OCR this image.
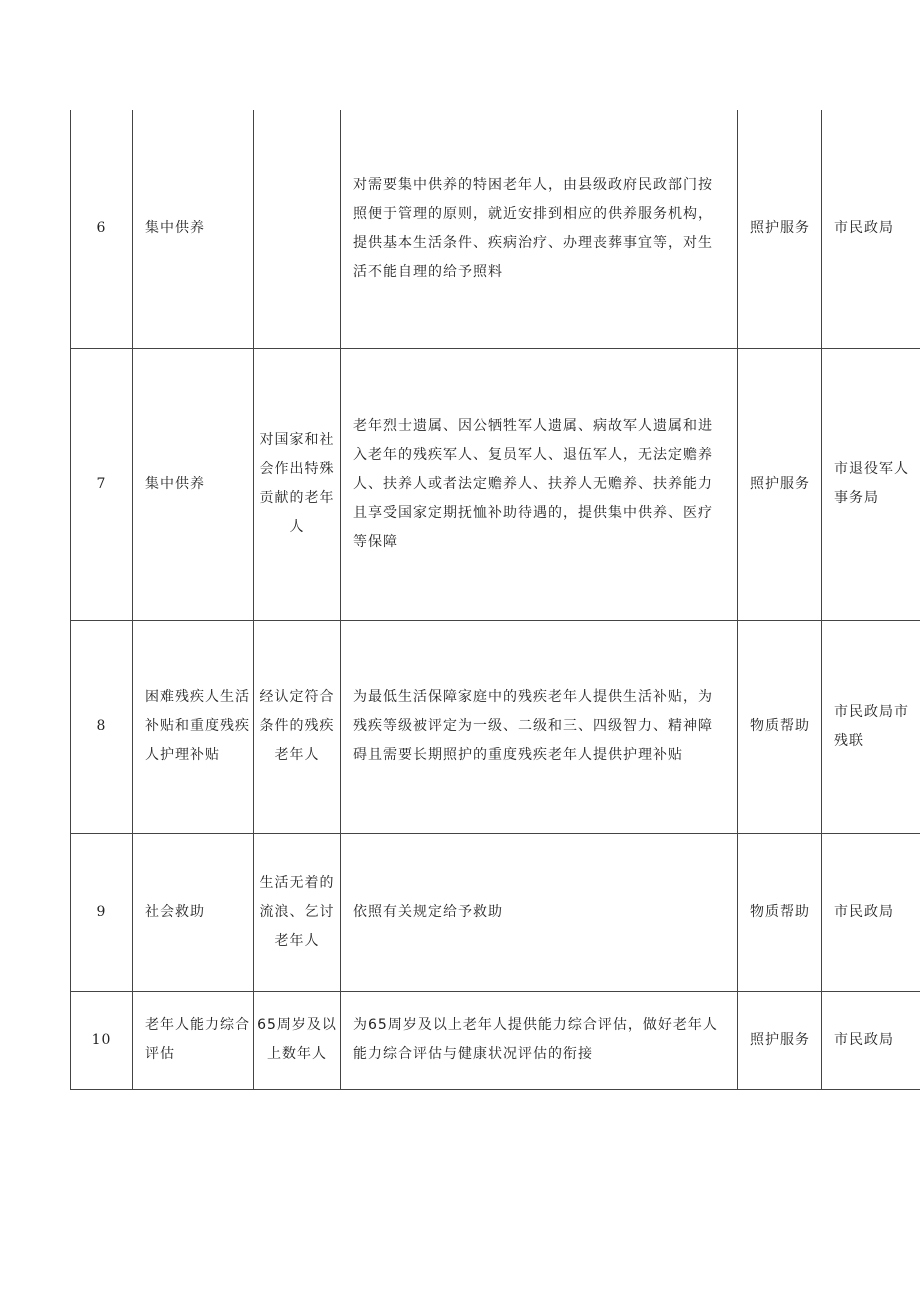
6	集中供养		对需要集中供养的特困老年人，由县级政府民政部门按照便于管理的原则，就近安排到相应的供养服务机构，提供基本生活条件、疾病治疗、办理丧葬事宜等，对生活不能自理的给予照料	照护服务	市民政局
7	集中供养	对国家和社会作出特殊贡献的老年人	老年烈士遗属、因公牺牲军人遗属、病故军人遗属和进入老年的残疾军人、复员军人、退伍军人，无法定赡养人、扶养人或者法定赡养人、扶养人无赡养、扶养能力且享受国家定期抚恤补助待遇的，提供集中供养、医疗等保障	照护服务	市退役军人事务局
8	困难残疾人生活补贴和重度残疾人护理补贴	经认定符合条件的残疾老年人	为最低生活保障家庭中的残疾老年人提供生活补贴，为残疾等级被评定为一级、二级和三、四级智力、精神障碍且需要长期照护的重度残疾老年人提供护理补贴	物质帮助	市民政局市残联
9	社会救助	生活无着的流浪、乞讨老年人	依照有关规定给予救助	物质帮助	市民政局
10	老年人能力综合评估	65周岁及以上数年人	为65周岁及以上老年人提供能力综合评估，做好老年人能力综合评估与健康状况评估的衔接	照护服务	市民政局
